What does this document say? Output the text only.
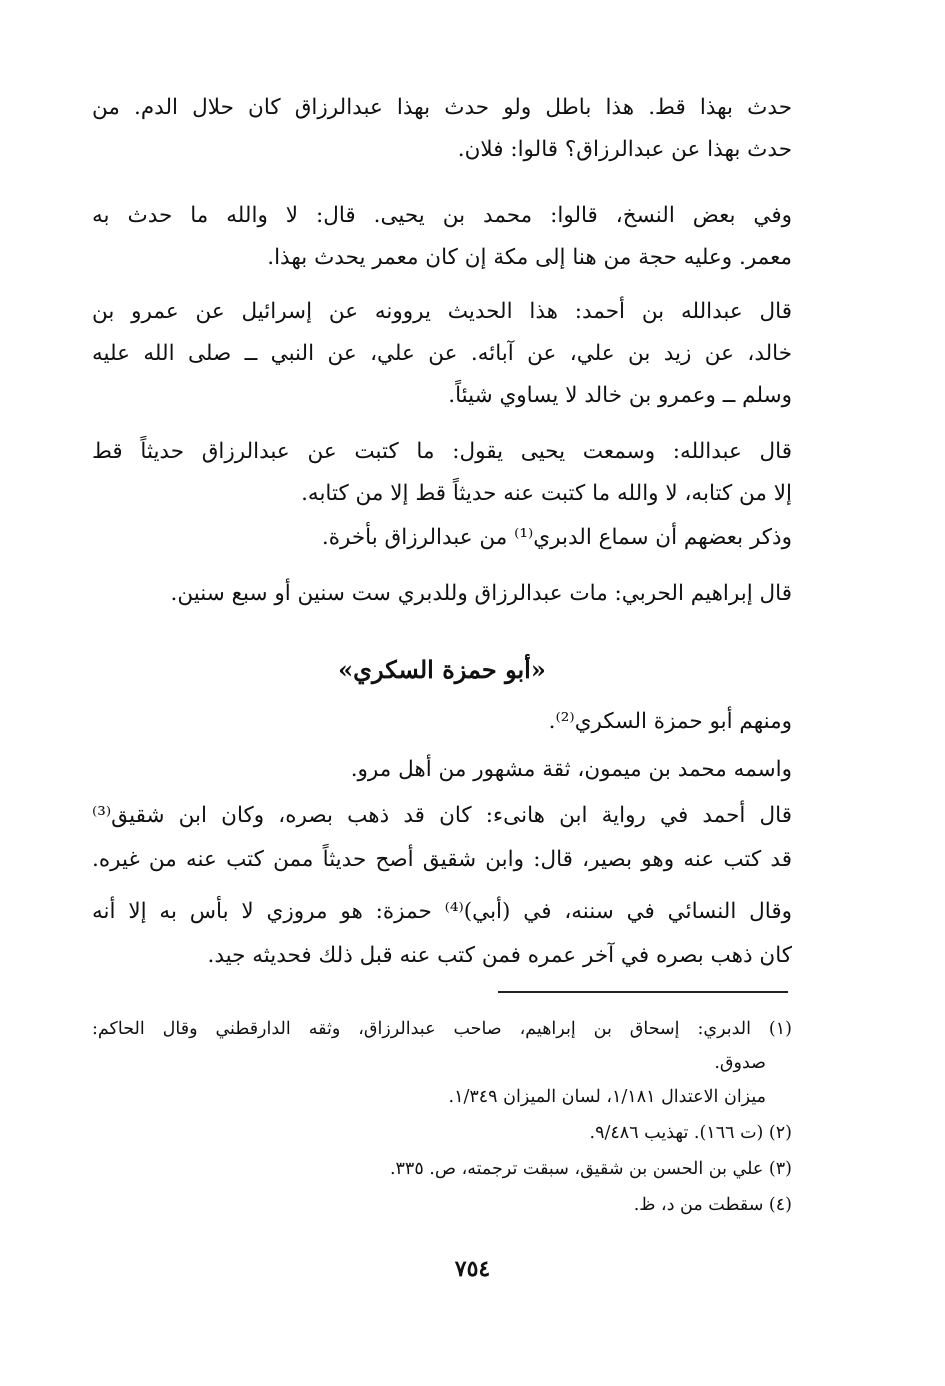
حدث بهذا قط. هذا باطل ولو حدث بهذا عبدالرزاق كان حلال الدم. من
حدث بهذا عن عبدالرزاق؟ قالوا: فلان.
وفي بعض النسخ، قالوا: محمد بن يحيى. قال: لا والله ما حدث به
معمر. وعليه حجة من هنا إلى مكة إن كان معمر يحدث بهذا.
قال عبدالله بن أحمد: هذا الحديث يروونه عن إسرائيل عن عمرو بن
خالد، عن زيد بن علي، عن آبائه. عن علي، عن النبي ــ صلى الله عليه
وسلم ــ وعمرو بن خالد لا يساوي شيئاً.
قال عبدالله: وسمعت يحيى يقول: ما كتبت عن عبدالرزاق حديثاً قط
إلا من كتابه، لا والله ما كتبت عنه حديثاً قط إلا من كتابه.
وذكر بعضهم أن سماع الدبري⁽¹⁾ من عبدالرزاق بأخرة.
قال إبراهيم الحربي: مات عبدالرزاق وللدبري ست سنين أو سبع سنين.
«أبو حمزة السكري»
ومنهم أبو حمزة السكري⁽²⁾.
واسمه محمد بن ميمون، ثقة مشهور من أهل مرو.
قال أحمد في رواية ابن هانىء: كان قد ذهب بصره، وكان ابن شقيق⁽³⁾
قد كتب عنه وهو بصير، قال: وابن شقيق أصح حديثاً ممن كتب عنه من غيره.
وقال النسائي في سننه، في (أبي)⁽⁴⁾ حمزة: هو مروزي لا بأس به إلا أنه
كان ذهب بصره في آخر عمره فمن كتب عنه قبل ذلك فحديثه جيد.
(١) الدبري: إسحاق بن إبراهيم، صاحب عبدالرزاق، وثقه الدارقطني وقال الحاكم:
صدوق.
ميزان الاعتدال ١/١٨١، لسان الميزان ١/٣٤٩.
(٢) (ت ١٦٦). تهذيب ٩/٤٨٦.
(٣) علي بن الحسن بن شقيق، سبقت ترجمته، ص. ٣٣٥.
(٤) سقطت من د، ظ.
٧٥٤
